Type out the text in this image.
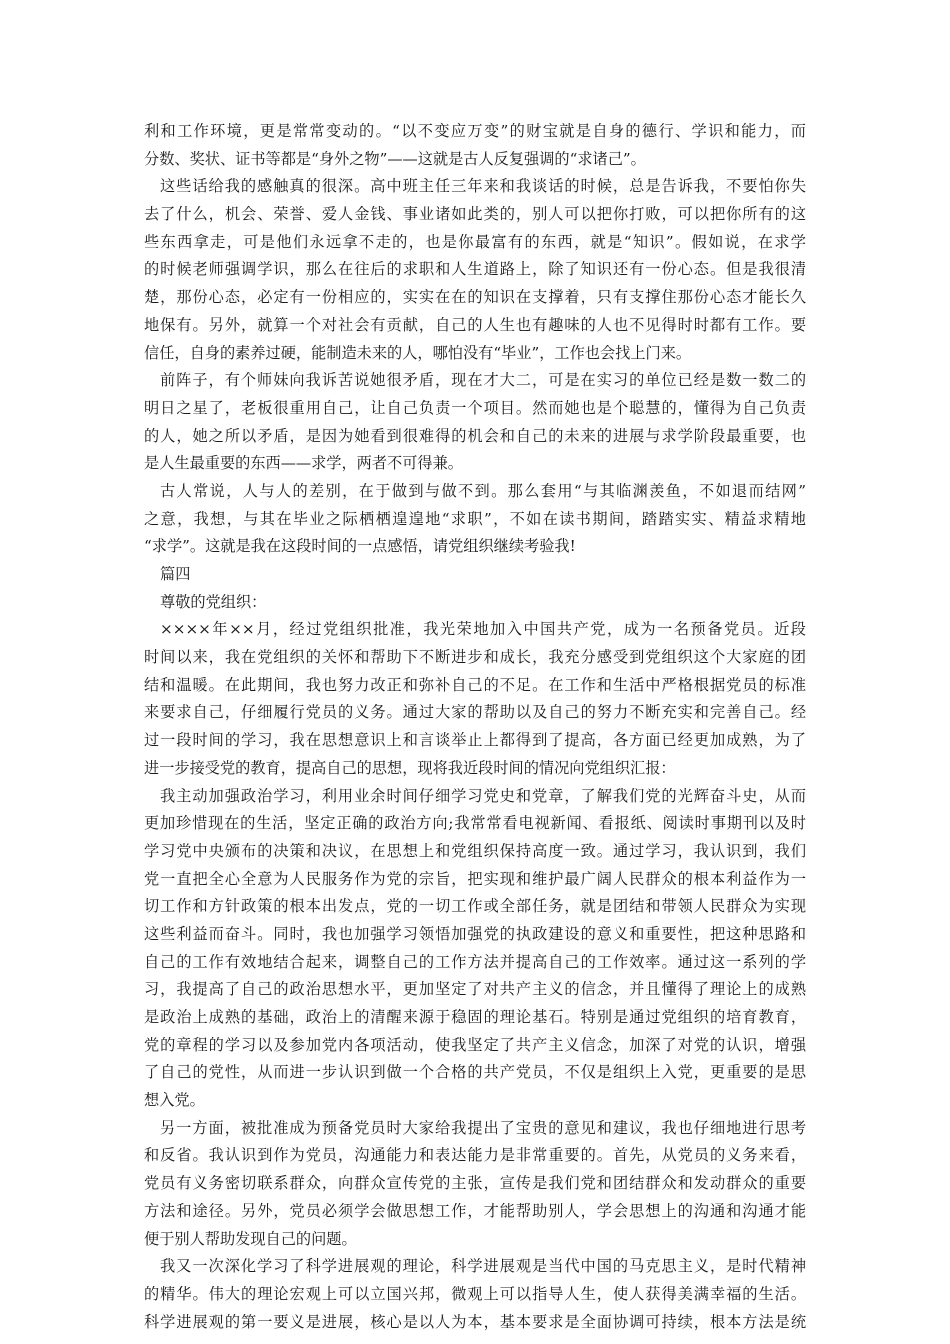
利和工作环境，更是常常变动的。“以不变应万变”的财宝就是自身的德行、学识和能力，而
分数、奖状、证书等都是“身外之物”——这就是古人反复强调的“求诸己”。
这些话给我的感触真的很深。高中班主任三年来和我谈话的时候，总是告诉我，不要怕你失
去了什么，机会、荣誉、爱人金钱、事业诸如此类的，别人可以把你打败，可以把你所有的这
些东西拿走，可是他们永远拿不走的，也是你最富有的东西，就是“知识”。假如说，在求学
的时候老师强调学识，那么在往后的求职和人生道路上，除了知识还有一份心态。但是我很清
楚，那份心态，必定有一份相应的，实实在在的知识在支撑着，只有支撑住那份心态才能长久
地保有。另外，就算一个对社会有贡献，自己的人生也有趣味的人也不见得时时都有工作。要
信任，自身的素养过硬，能制造未来的人，哪怕没有“毕业”，工作也会找上门来。
前阵子，有个师妹向我诉苦说她很矛盾，现在才大二，可是在实习的单位已经是数一数二的
明日之星了，老板很重用自己，让自己负责一个项目。然而她也是个聪慧的，懂得为自己负责
的人，她之所以矛盾，是因为她看到很难得的机会和自己的未来的进展与求学阶段最重要，也
是人生最重要的东西——求学，两者不可得兼。
古人常说，人与人的差别，在于做到与做不到。那么套用“与其临渊羡鱼，不如退而结网”
之意，我想，与其在毕业之际栖栖遑遑地“求职”，不如在读书期间，踏踏实实、精益求精地
“求学”。这就是我在这段时间的一点感悟，请党组织继续考验我!
篇四
尊敬的党组织：
××××年××月，经过党组织批准，我光荣地加入中国共产党，成为一名预备党员。近段
时间以来，我在党组织的关怀和帮助下不断进步和成长，我充分感受到党组织这个大家庭的团
结和温暖。在此期间，我也努力改正和弥补自己的不足。在工作和生活中严格根据党员的标准
来要求自己，仔细履行党员的义务。通过大家的帮助以及自己的努力不断充实和完善自己。经
过一段时间的学习，我在思想意识上和言谈举止上都得到了提高，各方面已经更加成熟，为了
进一步接受党的教育，提高自己的思想，现将我近段时间的情况向党组织汇报：
我主动加强政治学习，利用业余时间仔细学习党史和党章，了解我们党的光辉奋斗史，从而
更加珍惜现在的生活，坚定正确的政治方向;我常常看电视新闻、看报纸、阅读时事期刊以及时
学习党中央颁布的决策和决议，在思想上和党组织保持高度一致。通过学习，我认识到，我们
党一直把全心全意为人民服务作为党的宗旨，把实现和维护最广阔人民群众的根本利益作为一
切工作和方针政策的根本出发点，党的一切工作或全部任务，就是团结和带领人民群众为实现
这些利益而奋斗。同时，我也加强学习领悟加强党的执政建设的意义和重要性，把这种思路和
自己的工作有效地结合起来，调整自己的工作方法并提高自己的工作效率。通过这一系列的学
习，我提高了自己的政治思想水平，更加坚定了对共产主义的信念，并且懂得了理论上的成熟
是政治上成熟的基础，政治上的清醒来源于稳固的理论基石。特别是通过党组织的培育教育，
党的章程的学习以及参加党内各项活动，使我坚定了共产主义信念，加深了对党的认识，增强
了自己的党性，从而进一步认识到做一个合格的共产党员，不仅是组织上入党，更重要的是思
想入党。
另一方面，被批准成为预备党员时大家给我提出了宝贵的意见和建议，我也仔细地进行思考
和反省。我认识到作为党员，沟通能力和表达能力是非常重要的。首先，从党员的义务来看，
党员有义务密切联系群众，向群众宣传党的主张，宣传是我们党和团结群众和发动群众的重要
方法和途径。另外，党员必须学会做思想工作，才能帮助别人，学会思想上的沟通和沟通才能
便于别人帮助发现自己的问题。
我又一次深化学习了科学进展观的理论，科学进展观是当代中国的马克思主义，是时代精神
的精华。伟大的理论宏观上可以立国兴邦，微观上可以指导人生，使人获得美满幸福的生活。
科学进展观的第一要义是进展，核心是以人为本，基本要求是全面协调可持续，根本方法是统
